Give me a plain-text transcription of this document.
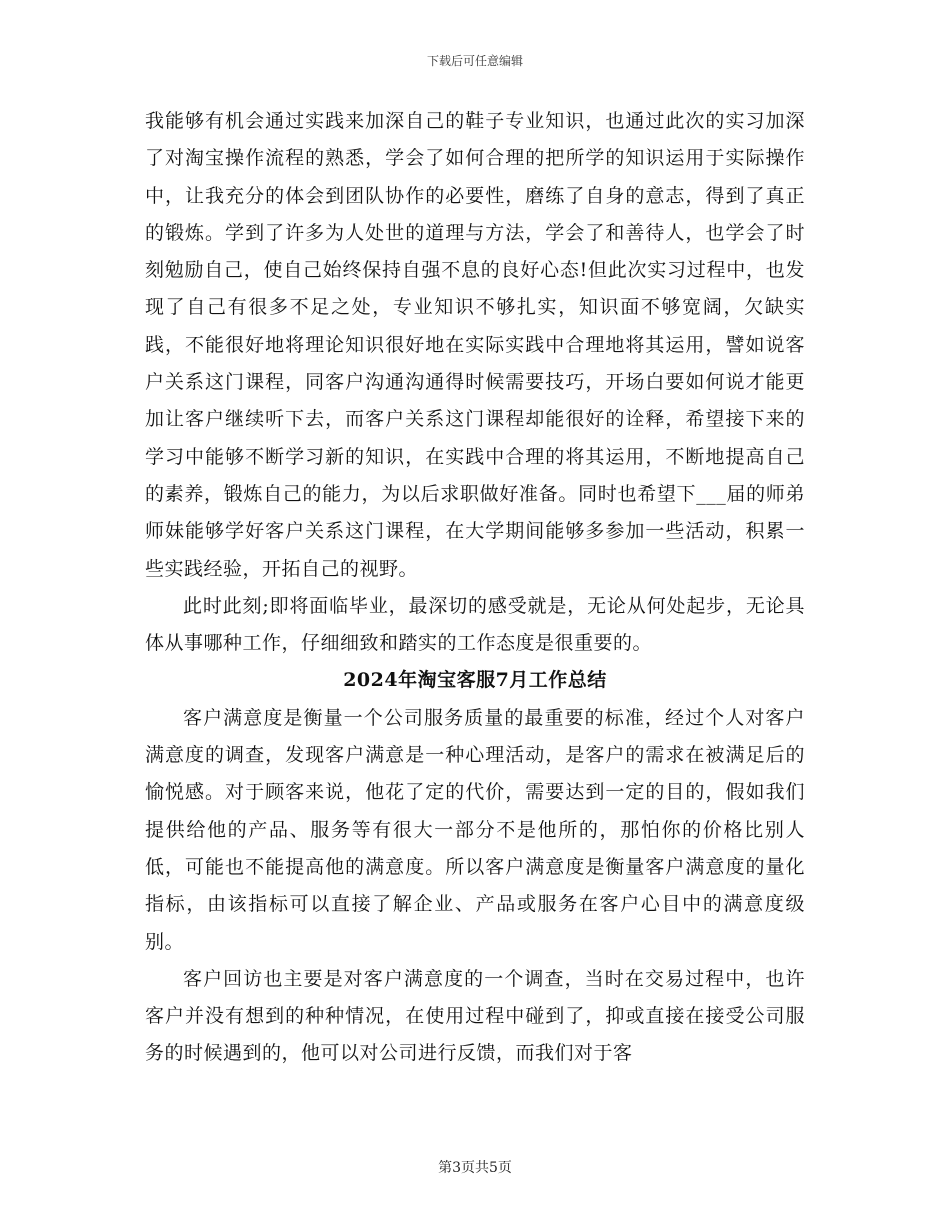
下载后可任意编辑

我能够有机会通过实践来加深自己的鞋子专业知识，也通过此次的实习加深了对淘宝操作流程的熟悉，学会了如何合理的把所学的知识运用于实际操作中，让我充分的体会到团队协作的必要性，磨练了自身的意志，得到了真正的锻炼。学到了许多为人处世的道理与方法，学会了和善待人，也学会了时刻勉励自己，使自己始终保持自强不息的良好心态!但此次实习过程中，也发现了自己有很多不足之处，专业知识不够扎实，知识面不够宽阔，欠缺实践，不能很好地将理论知识很好地在实际实践中合理地将其运用，譬如说客户关系这门课程，同客户沟通沟通得时候需要技巧，开场白要如何说才能更加让客户继续听下去，而客户关系这门课程却能很好的诠释，希望接下来的学习中能够不断学习新的知识，在实践中合理的将其运用，不断地提高自己的素养，锻炼自己的能力，为以后求职做好准备。同时也希望下___届的师弟师妹能够学好客户关系这门课程，在大学期间能够多参加一些活动，积累一些实践经验，开拓自己的视野。

此时此刻;即将面临毕业，最深切的感受就是，无论从何处起步，无论具体从事哪种工作，仔细细致和踏实的工作态度是很重要的。

2024年淘宝客服7月工作总结

客户满意度是衡量一个公司服务质量的最重要的标准，经过个人对客户满意度的调查，发现客户满意是一种心理活动，是客户的需求在被满足后的愉悦感。对于顾客来说，他花了定的代价，需要达到一定的目的，假如我们提供给他的产品、服务等有很大一部分不是他所的，那怕你的价格比别人低，可能也不能提高他的满意度。所以客户满意度是衡量客户满意度的量化指标，由该指标可以直接了解企业、产品或服务在客户心目中的满意度级别。

客户回访也主要是对客户满意度的一个调查，当时在交易过程中，也许客户并没有想到的种种情况，在使用过程中碰到了，抑或直接在接受公司服务的时候遇到的，他可以对公司进行反馈，而我们对于客

第3页共5页
